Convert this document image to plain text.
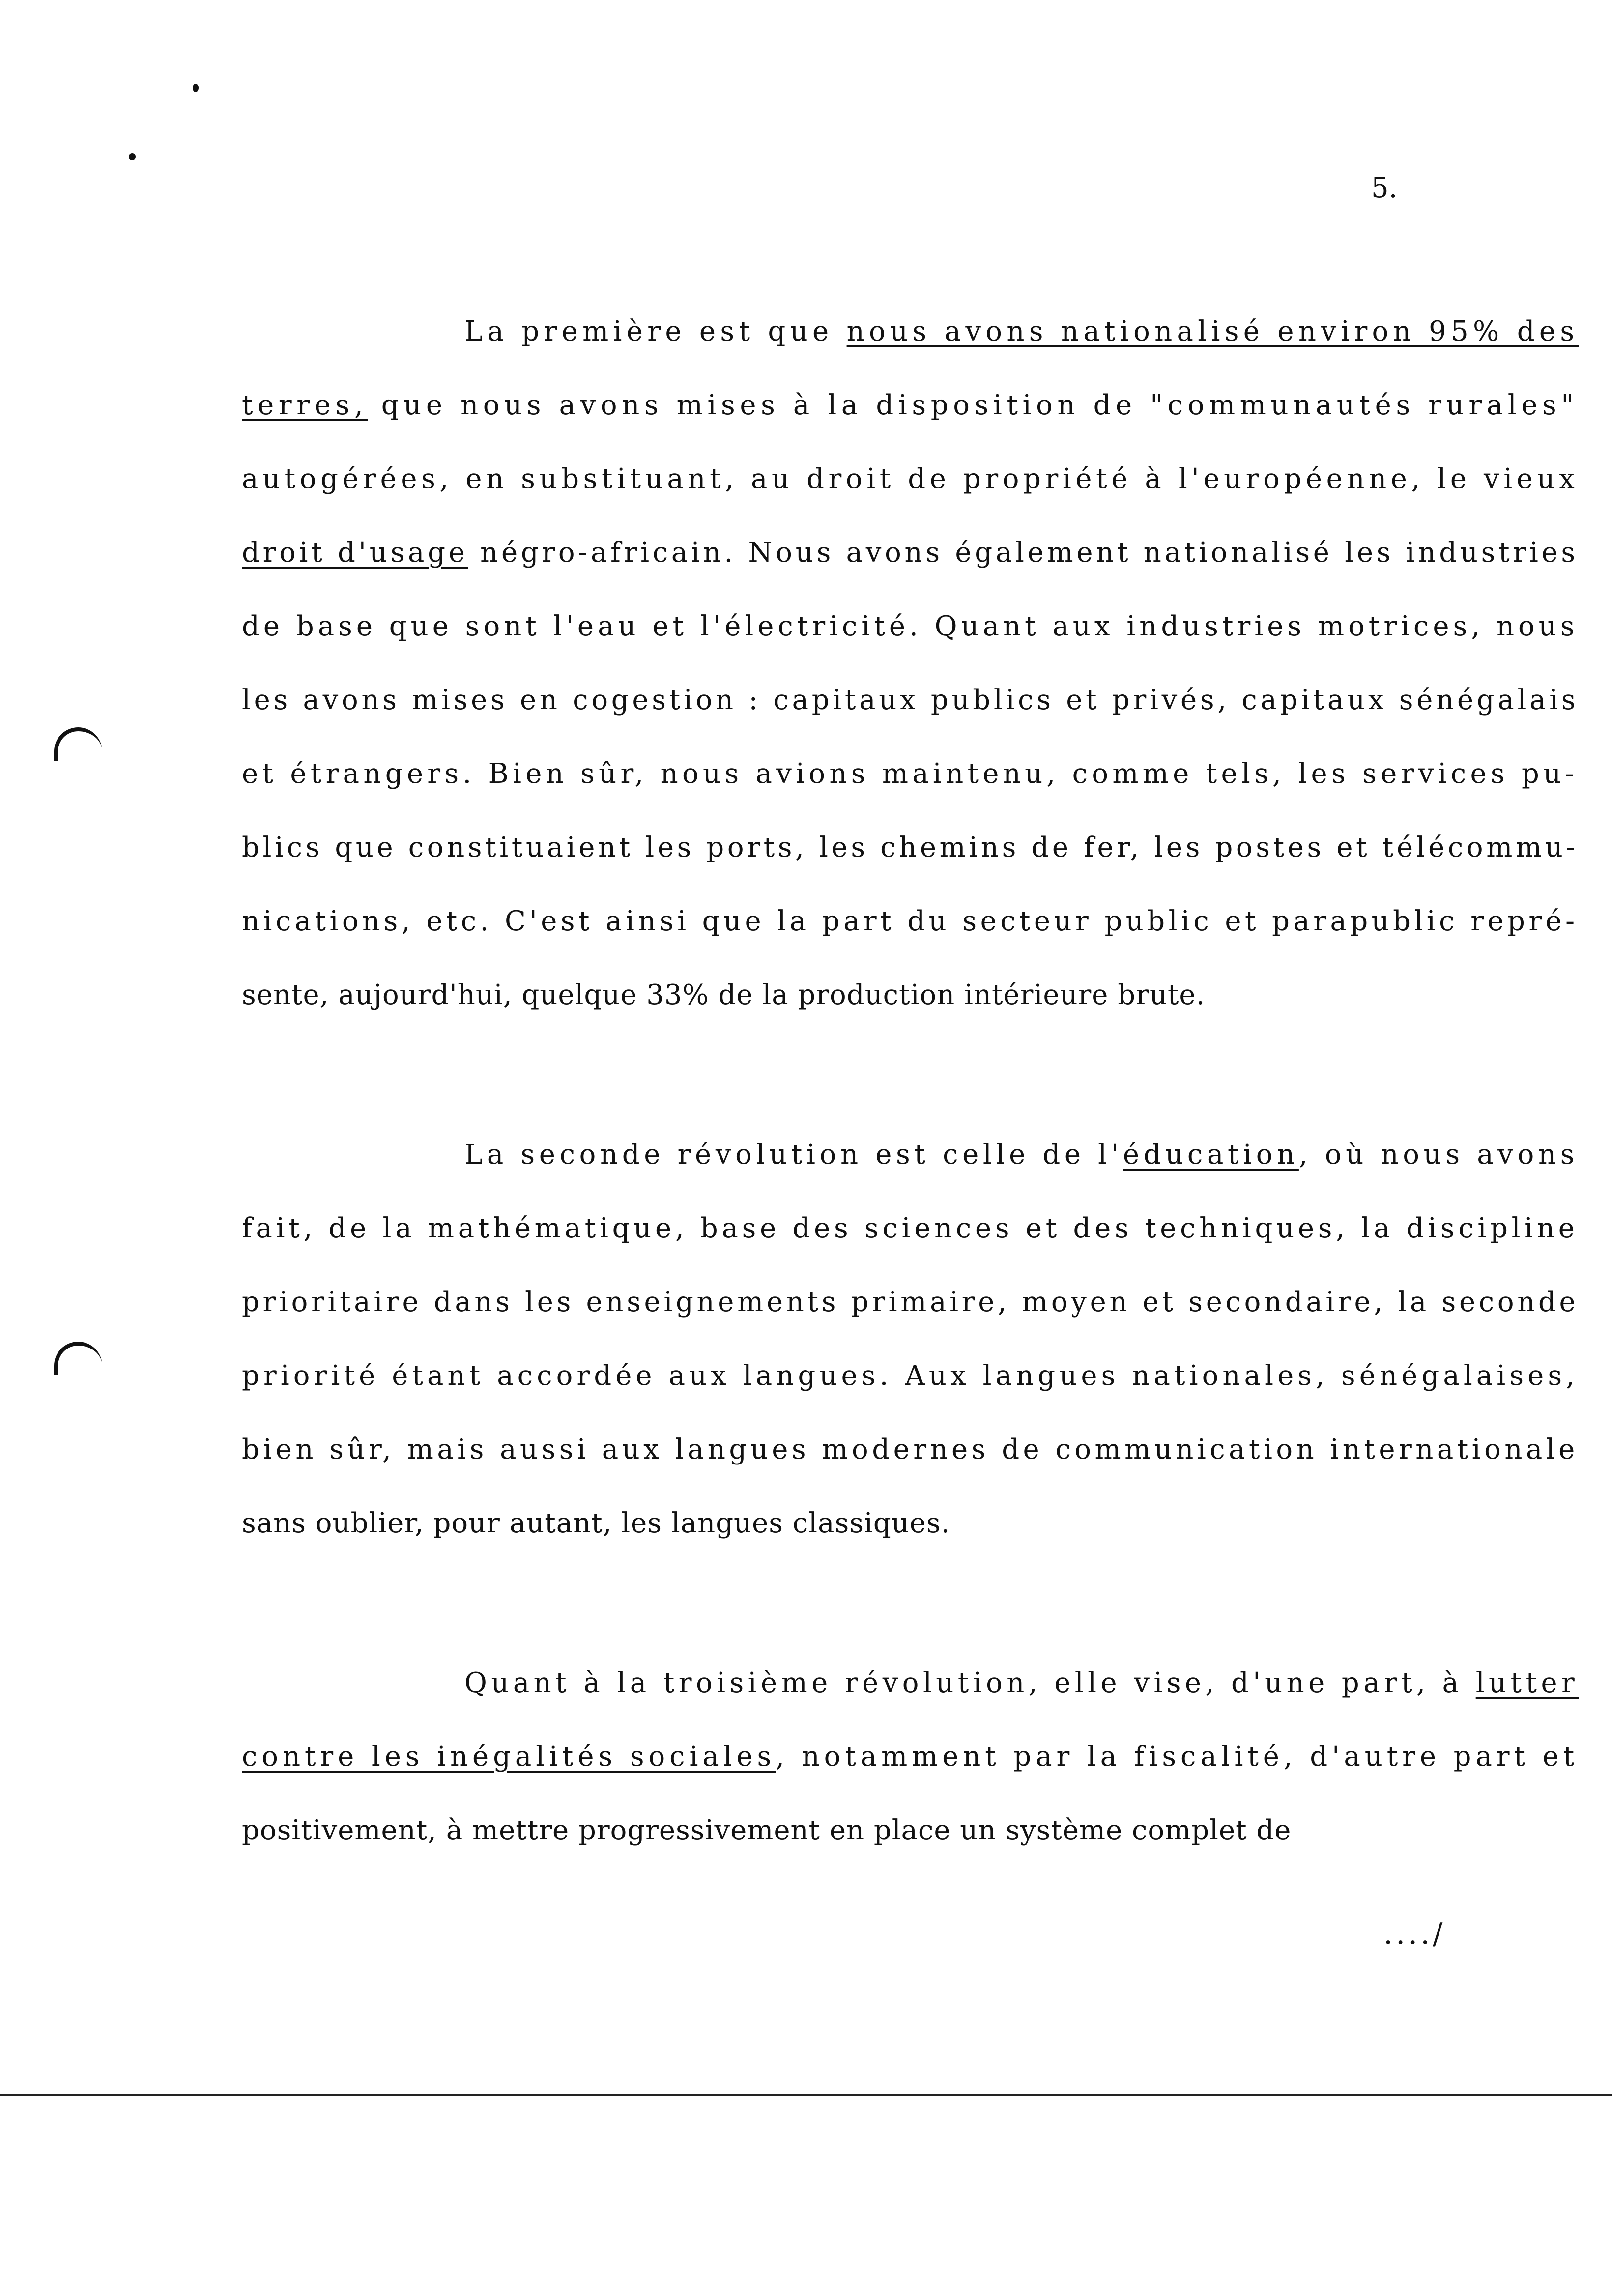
5.
La première est que nous avons nationalisé environ 95% des
terres, que nous avons mises à la disposition de "communautés rurales"
autogérées, en substituant, au droit de propriété à l'européenne, le vieux
droit d'usage négro-africain. Nous avons également nationalisé les industries
de base que sont l'eau et l'électricité. Quant aux industries motrices, nous
les avons mises en cogestion : capitaux publics et privés, capitaux sénégalais
et étrangers. Bien sûr, nous avions maintenu, comme tels, les services pu-
blics que constituaient les ports, les chemins de fer, les postes et télécommu-
nications, etc. C'est ainsi que la part du secteur public et parapublic repré-
sente, aujourd'hui, quelque 33% de la production intérieure brute.
La seconde révolution est celle de l'éducation, où nous avons
fait, de la mathématique, base des sciences et des techniques, la discipline
prioritaire dans les enseignements primaire, moyen et secondaire, la seconde
priorité étant accordée aux langues. Aux langues nationales, sénégalaises,
bien sûr, mais aussi aux langues modernes de communication internationale
sans oublier, pour autant, les langues classiques.
Quant à la troisième révolution, elle vise, d'une part, à lutter
contre les inégalités sociales, notamment par la fiscalité, d'autre part et
positivement, à mettre progressivement en place un système complet de
..../
